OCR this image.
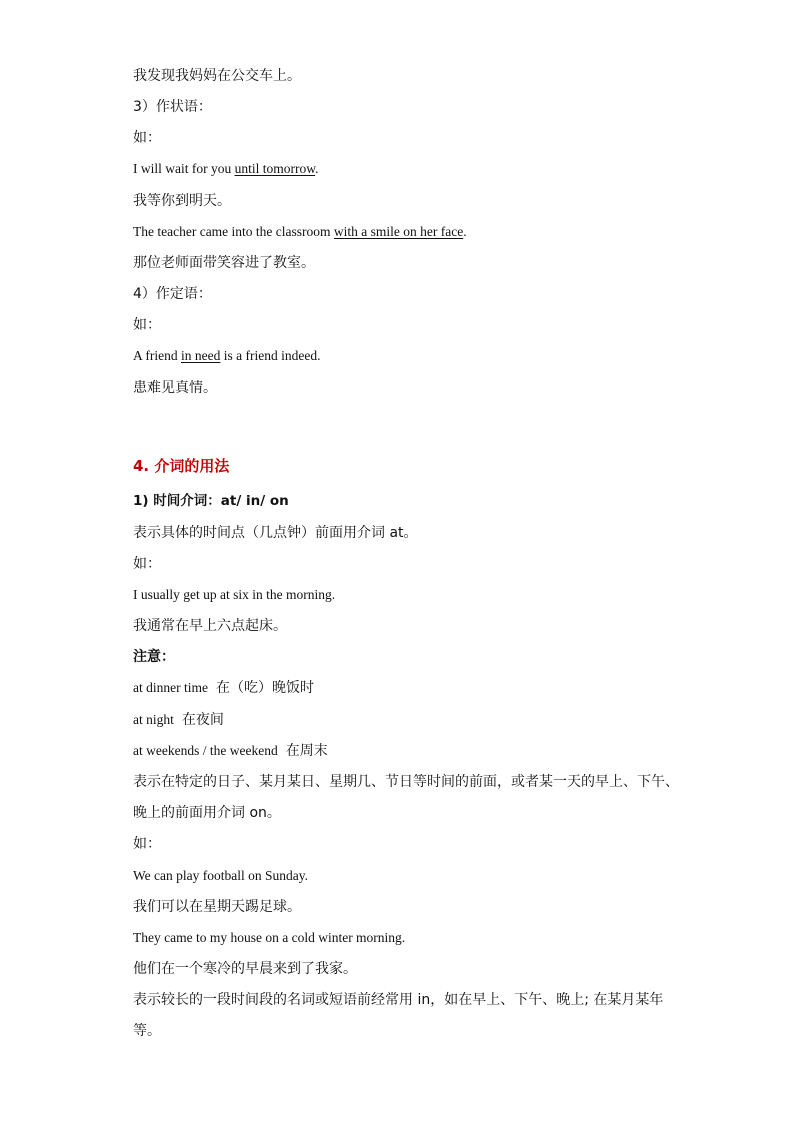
我发现我妈妈在公交车上。

3）作状语：

如：

I will wait for you until tomorrow.

我等你到明天。

The teacher came into the classroom with a smile on her face.

那位老师面带笑容进了教室。

4）作定语：

如：

A friend in need is a friend indeed.

患难见真情。

4. 介词的用法

1) 时间介词：at/ in/ on

表示具体的时间点（几点钟）前面用介词 at。

如：

I usually get up at six in the morning.

我通常在早上六点起床。

注意：

at dinner time 在（吃）晚饭时

at night 在夜间

at weekends / the weekend 在周末

表示在特定的日子、某月某日、星期几、节日等时间的前面，或者某一天的早上、下午、

晚上的前面用介词 on。

如：

We can play football on Sunday.

我们可以在星期天踢足球。

They came to my house on a cold winter morning.

他们在一个寒冷的早晨来到了我家。

表示较长的一段时间段的名词或短语前经常用 in，如在早上、下午、晚上; 在某月某年

等。
